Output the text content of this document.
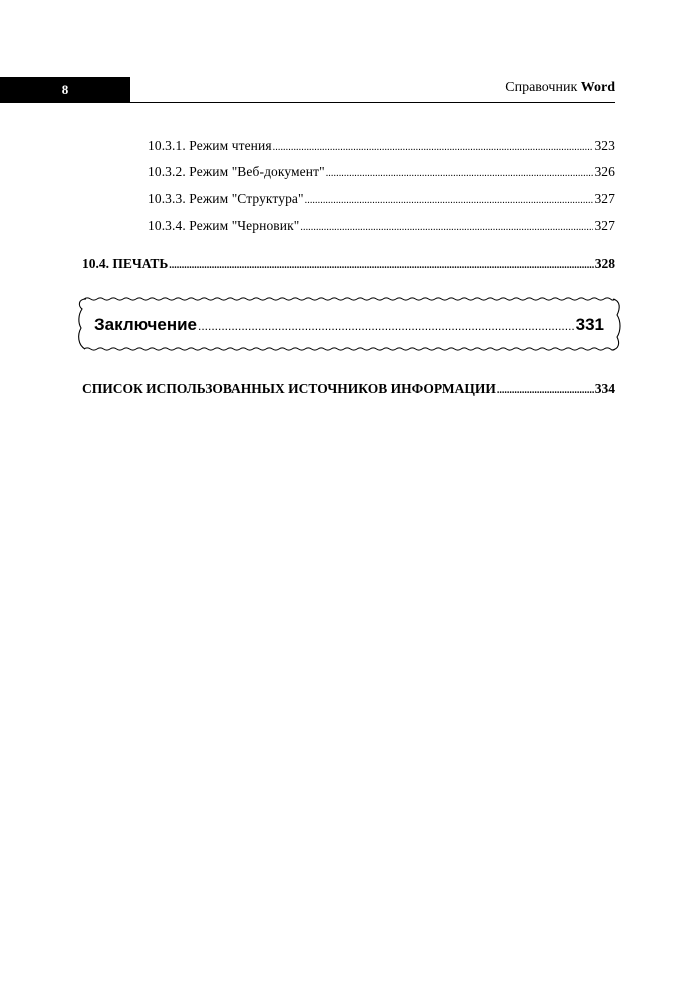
8	Справочник Word
10.3.1. Режим чтения .....	323
10.3.2. Режим "Веб-документ" .....	326
10.3.3. Режим "Структура" .....	327
10.3.4. Режим "Черновик" .....	327
10.4. ПЕЧАТЬ .....	328
Заключение .....	331
СПИСОК ИСПОЛЬЗОВАННЫХ ИСТОЧНИКОВ ИНФОРМАЦИИ .....	334
